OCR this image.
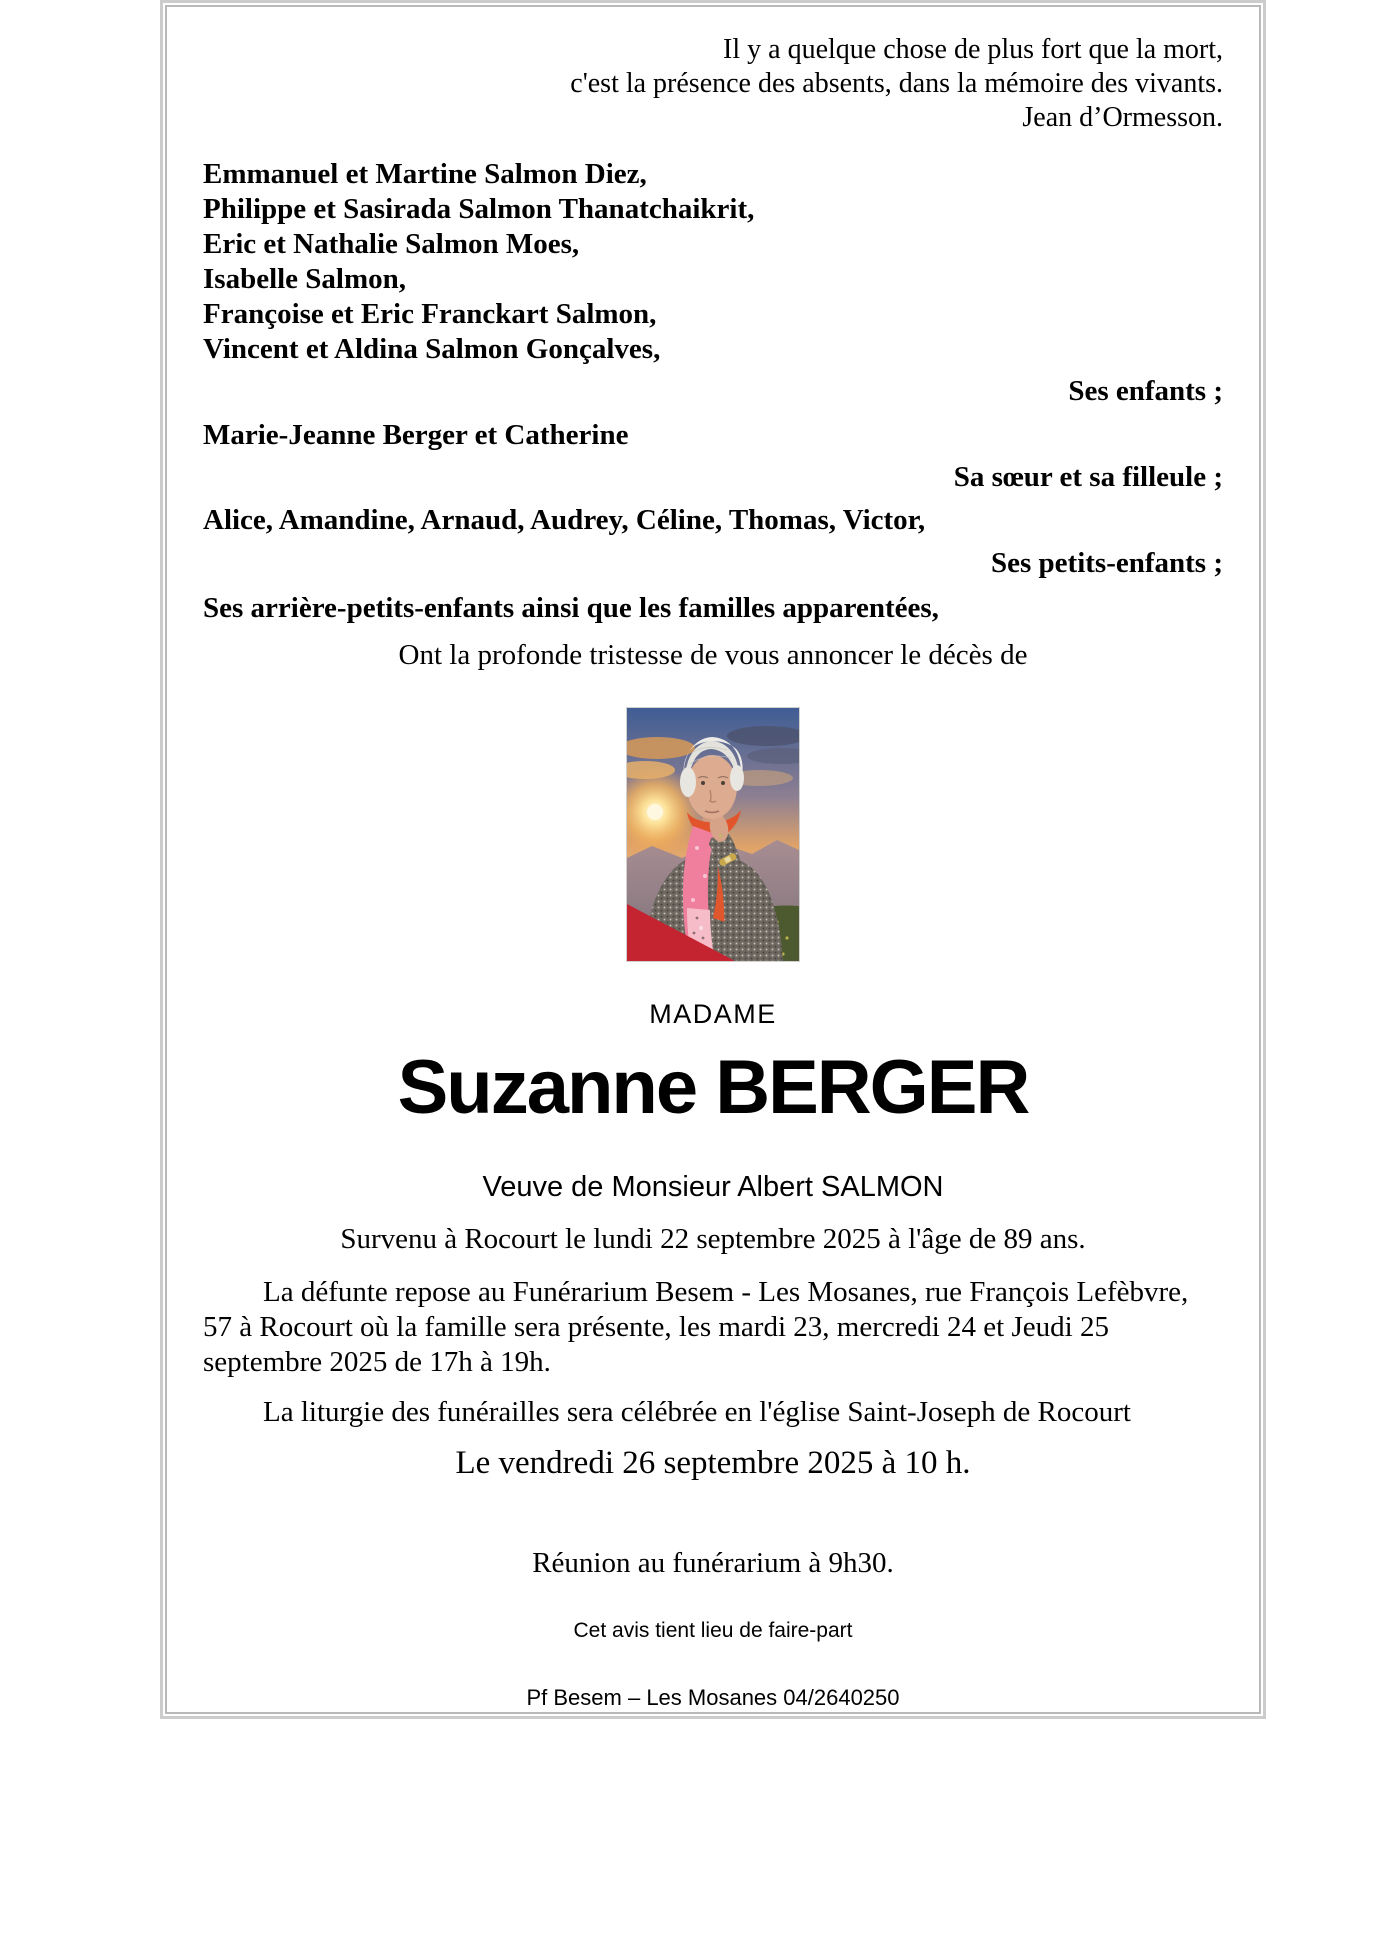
Il y a quelque chose de plus fort que la mort,
c'est la présence des absents, dans la mémoire des vivants.
Jean d’Ormesson.
Emmanuel et Martine Salmon Diez,
Philippe et Sasirada Salmon Thanatchaikrit,
Eric et Nathalie Salmon Moes,
Isabelle Salmon,
Françoise et Eric Franckart Salmon,
Vincent et Aldina Salmon Gonçalves,
Ses enfants ;
Marie-Jeanne Berger et Catherine
Sa sœur et sa filleule ;
Alice, Amandine, Arnaud, Audrey, Céline, Thomas, Victor,
Ses petits-enfants ;
Ses arrière-petits-enfants ainsi que les familles apparentées,
Ont la profonde tristesse de vous annoncer le décès de
MADAME
Suzanne BERGER
Veuve de Monsieur Albert SALMON
Survenu à Rocourt le lundi 22 septembre 2025 à l'âge de 89 ans.
La défunte repose au Funérarium Besem - Les Mosanes, rue François Lefèbvre, 57 à Rocourt où la famille sera présente, les mardi 23, mercredi 24 et Jeudi 25 septembre 2025 de 17h à 19h.
La liturgie des funérailles sera célébrée en l'église Saint-Joseph de Rocourt
Le vendredi 26 septembre 2025 à 10 h.
Réunion au funérarium à 9h30.
Cet avis tient lieu de faire-part
Pf Besem – Les Mosanes 04/2640250
